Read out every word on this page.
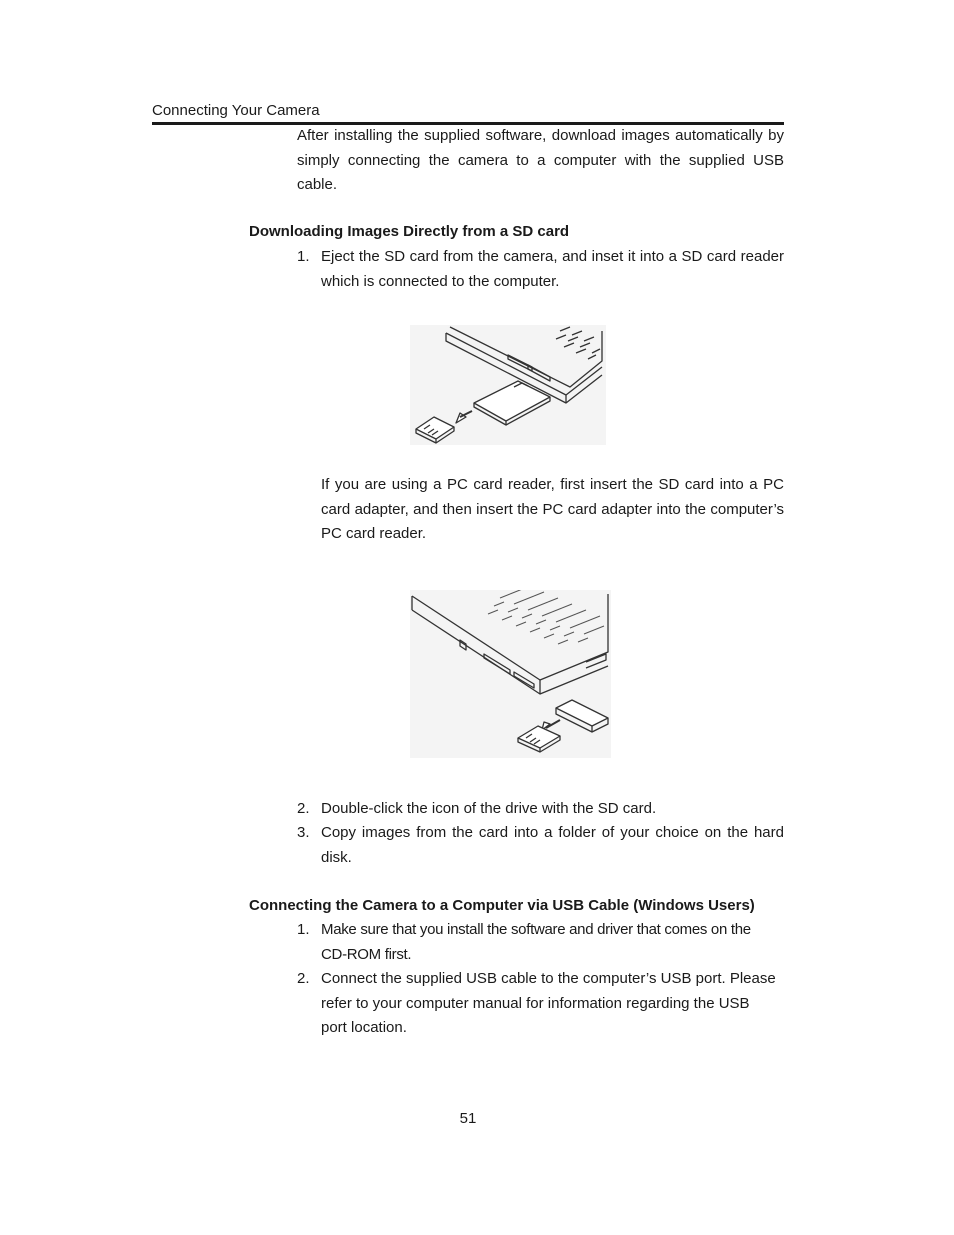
Connecting Your Camera
After installing the supplied software, download images automatically by simply connecting the camera to a computer with the supplied USB cable.
Downloading Images Directly from a SD card
1. Eject the SD card from the camera, and inset it into a SD card reader which is connected to the computer.
If you are using a PC card reader, first insert the SD card into a PC card adapter, and then insert the PC card adapter into the computer’s PC card reader.
2. Double-click the icon of the drive with the SD card.
3. Copy images from the card into a folder of your choice on the hard disk.
Connecting the Camera to a Computer via USB Cable (Windows Users)
1. Make sure that you install the software and driver that comes on the CD-ROM first.
2. Connect the supplied USB cable to the computer’s USB port. Please refer to your computer manual for information regarding the USB port location.
51
